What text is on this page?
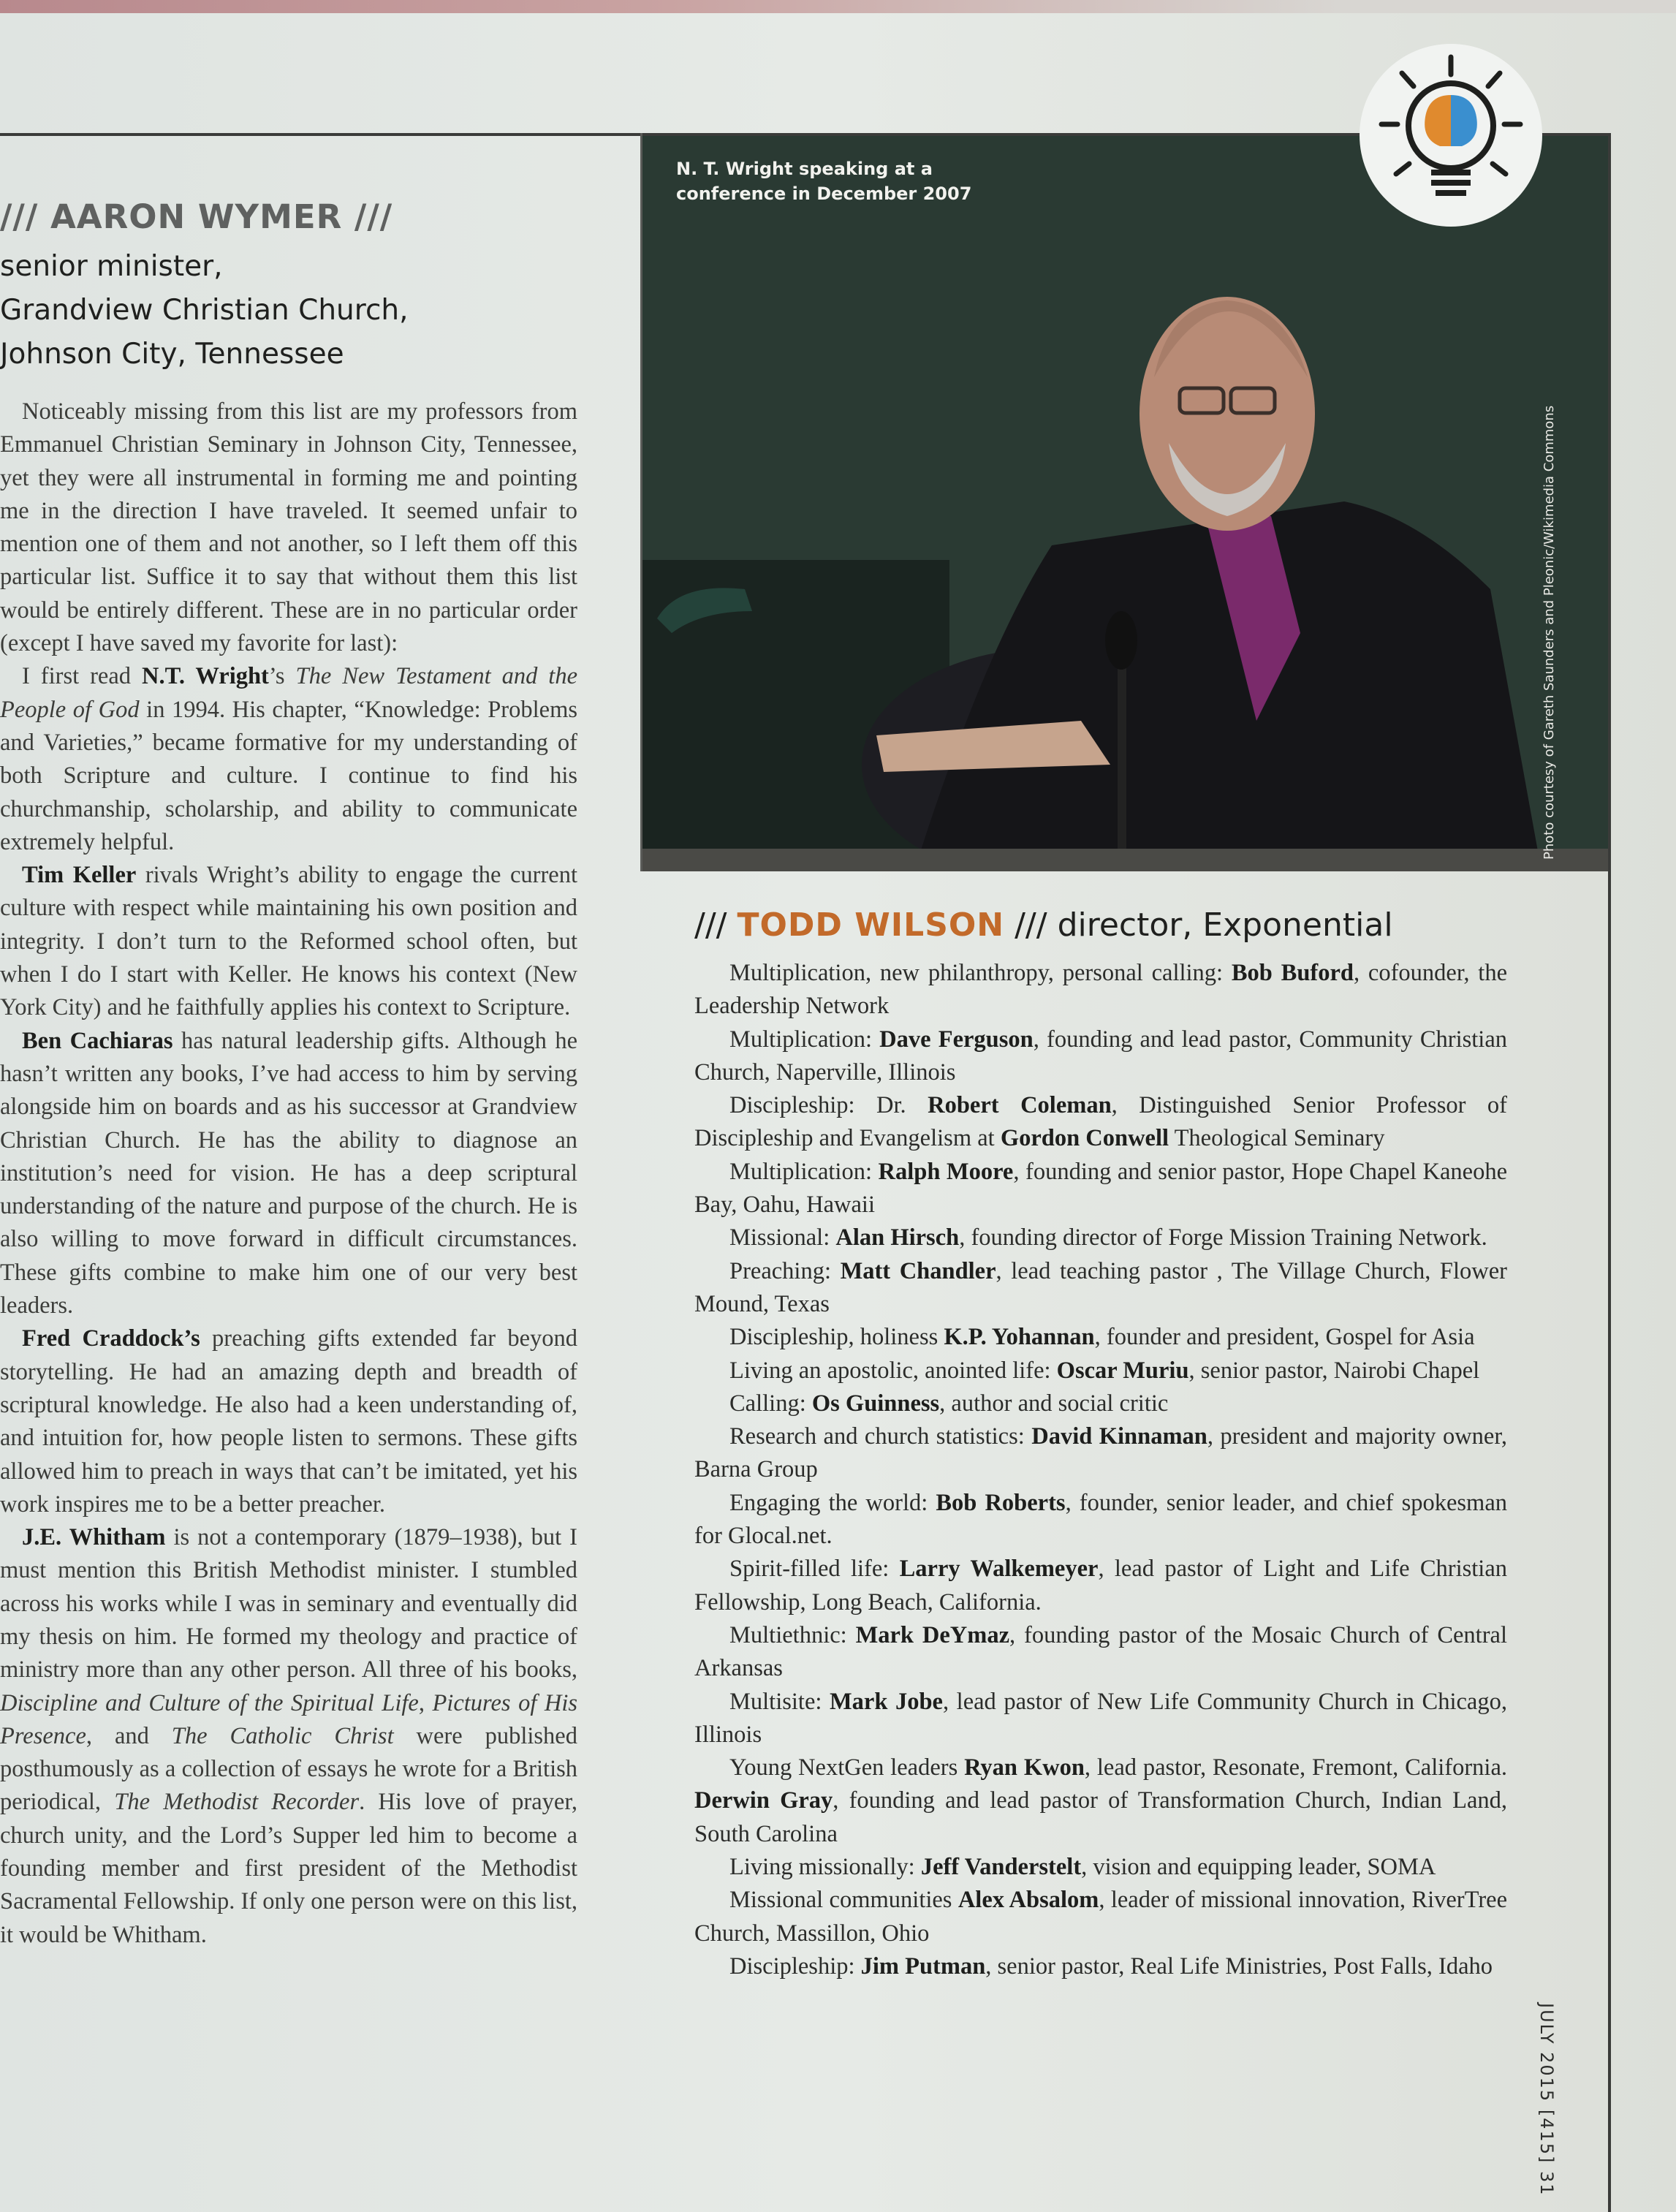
/// AARON WYMER ///
senior minister,
Grandview Christian Church,
Johnson City, Tennessee

Noticeably missing from this list are my professors from Emmanuel Christian Seminary in Johnson City, Tennessee, yet they were all instrumental in forming me and pointing me in the direction I have traveled. It seemed unfair to mention one of them and not another, so I left them off this particular list. Suffice it to say that without them this list would be entirely different. These are in no particular order (except I have saved my favorite for last):

I first read N.T. Wright’s The New Testament and the People of God in 1994. His chapter, “Knowledge: Problems and Varieties,” became formative for my understanding of both Scripture and culture. I continue to find his churchmanship, scholarship, and ability to communicate extremely helpful.

Tim Keller rivals Wright’s ability to engage the current culture with respect while maintaining his own position and integrity. I don’t turn to the Reformed school often, but when I do I start with Keller. He knows his context (New York City) and he faithfully applies his context to Scripture.

Ben Cachiaras has natural leadership gifts. Although he hasn’t written any books, I’ve had access to him by serving alongside him on boards and as his successor at Grandview Christian Church. He has the ability to diagnose an institution’s need for vision. He has a deep scriptural understanding of the nature and purpose of the church. He is also willing to move forward in difficult circumstances. These gifts combine to make him one of our very best leaders.

Fred Craddock’s preaching gifts extended far beyond storytelling. He had an amazing depth and breadth of scriptural knowledge. He also had a keen understanding of, and intuition for, how people listen to sermons. These gifts allowed him to preach in ways that can’t be imitated, yet his work inspires me to be a better preacher.

J.E. Whitham is not a contemporary (1879–1938), but I must mention this British Methodist minister. I stumbled across his works while I was in seminary and eventually did my thesis on him. He formed my theology and practice of ministry more than any other person. All three of his books, Discipline and Culture of the Spiritual Life, Pictures of His Presence, and The Catholic Christ were published posthumously as a collection of essays he wrote for a British periodical, The Methodist Recorder. His love of prayer, church unity, and the Lord’s Supper led him to become a founding member and first president of the Methodist Sacramental Fellowship. If only one person were on this list, it would be Whitham.

N. T. Wright speaking at a conference in December 2007
Photo courtesy of Gareth Saunders and Pleonic/Wikimedia Commons
/// TODD WILSON /// director, Exponential

Multiplication, new philanthropy, personal calling: Bob Buford, cofounder, the Leadership Network

Multiplication: Dave Ferguson, founding and lead pastor, Community Christian Church, Naperville, Illinois

Discipleship: Dr. Robert Coleman, Distinguished Senior Professor of Discipleship and Evangelism at Gordon Conwell Theological Seminary

Multiplication: Ralph Moore, founding and senior pastor, Hope Chapel Kaneohe Bay, Oahu, Hawaii

Missional: Alan Hirsch, founding director of Forge Mission Training Network.

Preaching: Matt Chandler, lead teaching pastor , The Village Church, Flower Mound, Texas

Discipleship, holiness K.P. Yohannan, founder and president, Gospel for Asia

Living an apostolic, anointed life: Oscar Muriu, senior pastor, Nairobi Chapel

Calling: Os Guinness, author and social critic

Research and church statistics: David Kinnaman, president and majority owner, Barna Group

Engaging the world: Bob Roberts, founder, senior leader, and chief spokesman for Glocal.net.

Spirit-filled life: Larry Walkemeyer, lead pastor of Light and Life Christian Fellowship, Long Beach, California.

Multiethnic: Mark DeYmaz, founding pastor of the Mosaic Church of Central Arkansas

Multisite: Mark Jobe, lead pastor of New Life Community Church in Chicago, Illinois

Young NextGen leaders Ryan Kwon, lead pastor, Resonate, Fremont, California. Derwin Gray, founding and lead pastor of Transformation Church, Indian Land, South Carolina

Living missionally: Jeff Vanderstelt, vision and equipping leader, SOMA

Missional communities Alex Absalom, leader of missional innovation, RiverTree Church, Massillon, Ohio

Discipleship: Jim Putman, senior pastor, Real Life Ministries, Post Falls, Idaho

JULY 2015 [415] 31
